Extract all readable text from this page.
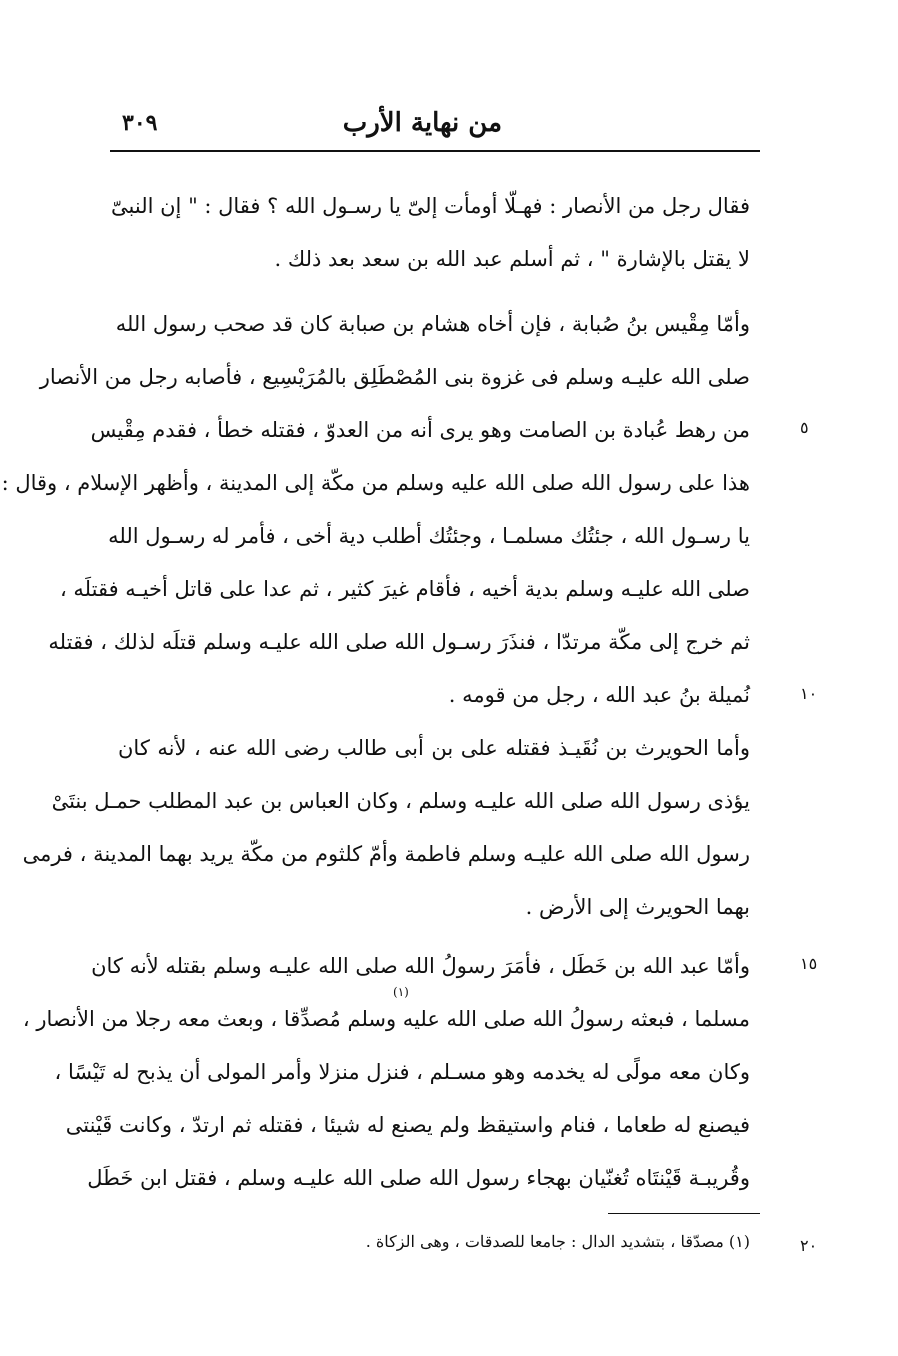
من نهاية الأرب
٣٠٩
فقال رجل من الأنصار : فهـلّا أومأت إلىّ يا رسـول الله ؟ فقال : " إن النبىّ
لا يقتل بالإشارة " ، ثم أسلم عبد الله بن سعد بعد ذلك .
وأمّا مِقْيس بنُ صُبابة ، فإن أخاه هشام بن صبابة كان قد صحب رسول الله
صلى الله عليـه وسلم فى غزوة بنى المُصْطَلِق بالمُرَيْسِيع ، فأصابه رجل من الأنصار
من رهط عُبادة بن الصامت وهو يرى أنه من العدوّ ، فقتله خطأ ، فقدم مِقْيس
هذا على رسول الله صلى الله عليه وسلم من مكّة إلى المدينة ، وأظهر الإسلام ، وقال :
يا رسـول الله ، جئتُك مسلمـا ، وجئتُك أطلب دية أخى ، فأمر له رسـول الله
صلى الله عليـه وسلم بدية أخيه ، فأقام غيرَ كثير ، ثم عدا على قاتل أخيـه فقتلَه ،
ثم خرج إلى مكّة مرتدّا ، فنذَرَ رسـول الله صلى الله عليـه وسلم قتلَه لذلك ، فقتله
نُميلة بنُ عبد الله ، رجل من قومه .
وأما الحويرث بن نُقَيـذ فقتله على بن أبى طالب رضى الله عنه ، لأنه كان
يؤذى رسول الله صلى الله عليـه وسلم ، وكان العباس بن عبد المطلب حمـل بنتَىْ
رسول الله صلى الله عليـه وسلم فاطمة وأمّ كلثوم من مكّة يريد بهما المدينة ، فرمى
بهما الحويرث إلى الأرض .
وأمّا عبد الله بن خَطَل ، فأمَرَ رسولُ الله صلى الله عليـه وسلم بقتله لأنه كان
مسلما ، فبعثه رسولُ الله صلى الله عليه وسلم مُصدِّقا ، وبعث معه رجلا من الأنصار ،
وكان معه مولًى له يخدمه وهو مسـلم ، فنزل منزلا وأمر المولى أن يذبح له تَيْسًا ،
فيصنع له طعاما ، فنام واستيقظ ولم يصنع له شيئا ، فقتله ثم ارتدّ ، وكانت قَيْنتى
وقُريبـة قَيْنتَاه تُغنّيان بهجاء رسول الله صلى الله عليـه وسلم ، فقتل ابن خَطَل
(١)
٥
١٠
١٥
٢٠
(١) مصدّقا ، بتشديد الدال : جامعا للصدقات ، وهى الزكاة .
